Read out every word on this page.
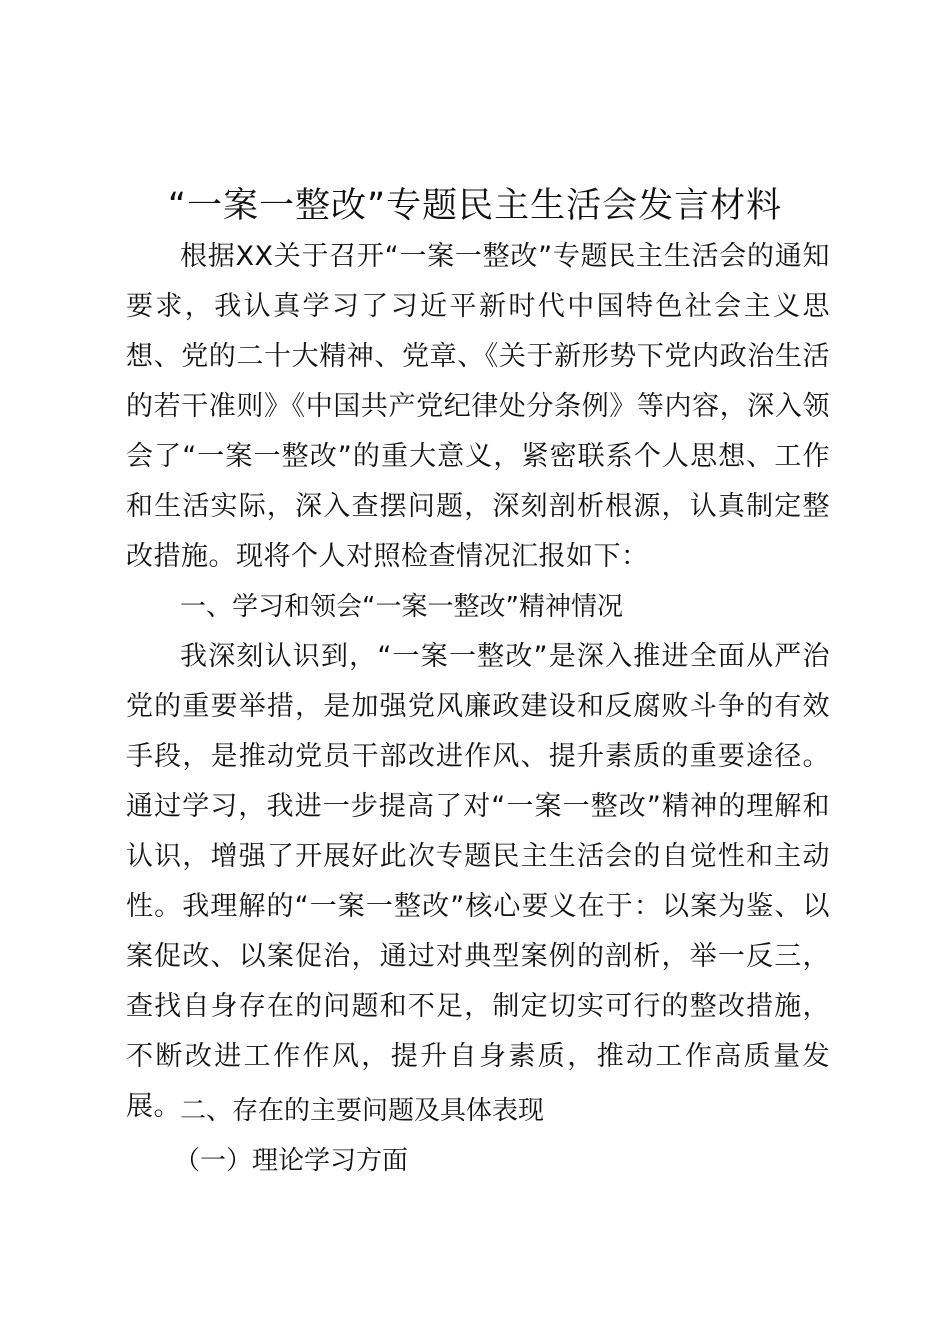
“一案一整改”专题民主生活会发言材料

根据XX关于召开“一案一整改”专题民主生活会的通知要求，我认真学习了习近平新时代中国特色社会主义思想、党的二十大精神、党章、《关于新形势下党内政治生活的若干准则》《中国共产党纪律处分条例》等内容，深入领会了“一案一整改”的重大意义，紧密联系个人思想、工作和生活实际，深入查摆问题，深刻剖析根源，认真制定整改措施。现将个人对照检查情况汇报如下：

一、学习和领会“一案一整改”精神情况

我深刻认识到，“一案一整改”是深入推进全面从严治党的重要举措，是加强党风廉政建设和反腐败斗争的有效手段，是推动党员干部改进作风、提升素质的重要途径。通过学习，我进一步提高了对“一案一整改”精神的理解和认识，增强了开展好此次专题民主生活会的自觉性和主动性。我理解的“一案一整改”核心要义在于：以案为鉴、以案促改、以案促治，通过对典型案例的剖析，举一反三，查找自身存在的问题和不足，制定切实可行的整改措施，不断改进工作作风，提升自身素质，推动工作高质量发展。 二、存在的主要问题及具体表现

（一）理论学习方面
